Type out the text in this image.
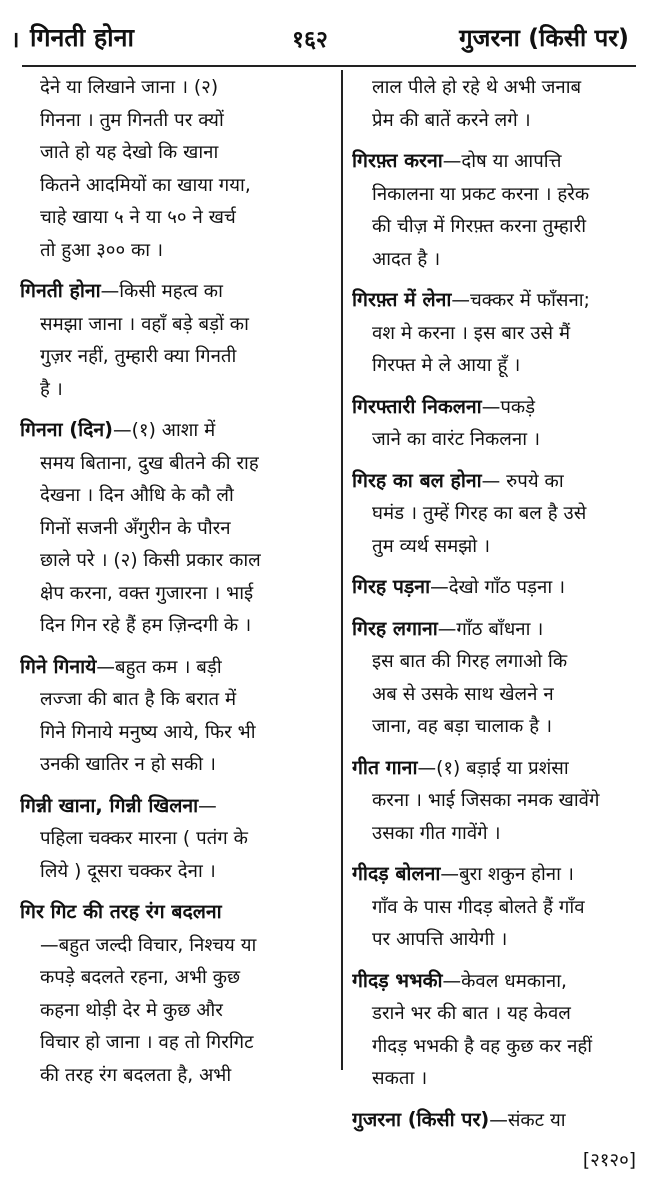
। गिनती होना	१६२	गुजरना (किसी पर)
देने या लिखाने जाना । (२)
गिनना । तुम गिनती पर क्यों
जाते हो यह देखो कि खाना
कितने आदमियों का खाया गया,
चाहे खाया ५ ने या ५० ने खर्च
तो हुआ ३०० का ।
गिनती होना—किसी महत्व का
समझा जाना । वहाँ बड़े बड़ों का
गुज़र नहीं, तुम्हारी क्या गिनती
है ।
गिनना (दिन)—(१) आशा में
समय बिताना, दुख बीतने की राह
देखना । दिन औधि के कौ लौ
गिनों सजनी अँगुरीन के पौरन
छाले परे । (२) किसी प्रकार काल
क्षेप करना, वक्त गुजारना । भाई
दिन गिन रहे हैं हम ज़िन्दगी के ।
गिने गिनाये—बहुत कम । बड़ी
लज्जा की बात है कि बरात में
गिने गिनाये मनुष्य आये, फिर भी
उनकी खातिर न हो सकी ।
गिन्नी खाना, गिन्नी खिलना—
पहिला चक्कर मारना ( पतंग के
लिये ) दूसरा चक्कर देना ।
गिर गिट की तरह रंग बदलना
—बहुत जल्दी विचार, निश्चय या
कपड़े बदलते रहना, अभी कुछ
कहना थोड़ी देर मे कुछ और
विचार हो जाना । वह तो गिरगिट
की तरह रंग बदलता है, अभी
लाल पीले हो रहे थे अभी जनाब
प्रेम की बातें करने लगे ।
गिरफ़्त करना—दोष या आपत्ति
निकालना या प्रकट करना । हरेक
की चीज़ में गिरफ़्त करना तुम्हारी
आदत है ।
गिरफ़्त में लेना—चक्कर में फाँसना;
वश मे करना । इस बार उसे मैं
गिरफ्त मे ले आया हूँ ।
गिरफ्तारी निकलना—पकड़े
जाने का वारंट निकलना ।
गिरह का बल होना— रुपये का
घमंड । तुम्हें गिरह का बल है उसे
तुम व्यर्थ समझो ।
गिरह पड़ना—देखो गाँठ पड़ना ।
गिरह लगाना—गाँठ बाँधना ।
इस बात की गिरह लगाओ कि
अब से उसके साथ खेलने न
जाना, वह बड़ा चालाक है ।
गीत गाना—(१) बड़ाई या प्रशंसा
करना । भाई जिसका नमक खावेंगे
उसका गीत गावेंगे ।
गीदड़ बोलना—बुरा शकुन होना ।
गाँव के पास गीदड़ बोलते हैं गाँव
पर आपत्ति आयेगी ।
गीदड़ भभकी—केवल धमकाना,
डराने भर की बात । यह केवल
गीदड़ भभकी है वह कुछ कर नहीं
सकता ।
गुजरना (किसी पर)—संकट या
[२१२०]
